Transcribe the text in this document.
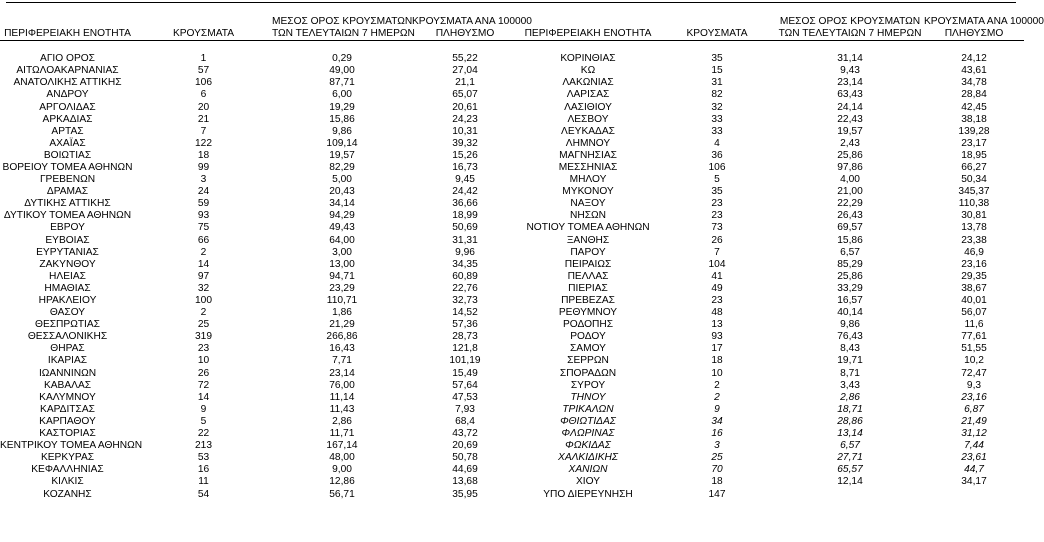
ΠΕΡΙΦΕΡΕΙΑΚΗ ΕΝΟΤΗΤΑ	ΚΡΟΥΣΜΑΤΑ	ΜΕΣΟΣ ΟΡΟΣ ΚΡΟΥΣΜΑΤΩΝ
ΤΩΝ ΤΕΛΕΥΤΑΙΩΝ 7 ΗΜΕΡΩΝ	ΚΡΟΥΣΜΑΤΑ ΑΝΑ 100000
ΠΛΗΘΥΣΜΟ	ΠΕΡΙΦΕΡΕΙΑΚΗ ΕΝΟΤΗΤΑ	ΚΡΟΥΣΜΑΤΑ	ΜΕΣΟΣ ΟΡΟΣ ΚΡΟΥΣΜΑΤΩΝ
ΤΩΝ ΤΕΛΕΥΤΑΙΩΝ 7 ΗΜΕΡΩΝ	ΚΡΟΥΣΜΑΤΑ ΑΝΑ 100000
ΠΛΗΘΥΣΜΟ

ΑΓΙΟ ΟΡΟΣ	1	0,29	55,22	ΚΟΡΙΝΘΙΑΣ	35	31,14	24,12
ΑΙΤΩΛΟΑΚΑΡΝΑΝΙΑΣ	57	49,00	27,04	ΚΩ	15	9,43	43,61
ΑΝΑΤΟΛΙΚΗΣ ΑΤΤΙΚΗΣ	106	87,71	21,1	ΛΑΚΩΝΙΑΣ	31	23,14	34,78
ΑΝΔΡΟΥ	6	6,00	65,07	ΛΑΡΙΣΑΣ	82	63,43	28,84
ΑΡΓΟΛΙΔΑΣ	20	19,29	20,61	ΛΑΣΙΘΙΟΥ	32	24,14	42,45
ΑΡΚΑΔΙΑΣ	21	15,86	24,23	ΛΕΣΒΟΥ	33	22,43	38,18
ΑΡΤΑΣ	7	9,86	10,31	ΛΕΥΚΑΔΑΣ	33	19,57	139,28
ΑΧΑΪΑΣ	122	109,14	39,32	ΛΗΜΝΟΥ	4	2,43	23,17
ΒΟΙΩΤΙΑΣ	18	19,57	15,26	ΜΑΓΝΗΣΙΑΣ	36	25,86	18,95
ΒΟΡΕΙΟΥ ΤΟΜΕΑ ΑΘΗΝΩΝ	99	82,29	16,73	ΜΕΣΣΗΝΙΑΣ	106	97,86	66,27
ΓΡΕΒΕΝΩΝ	3	5,00	9,45	ΜΗΛΟΥ	5	4,00	50,34
ΔΡΑΜΑΣ	24	20,43	24,42	ΜΥΚΟΝΟΥ	35	21,00	345,37
ΔΥΤΙΚΗΣ ΑΤΤΙΚΗΣ	59	34,14	36,66	ΝΑΞΟΥ	23	22,29	110,38
ΔΥΤΙΚΟΥ ΤΟΜΕΑ ΑΘΗΝΩΝ	93	94,29	18,99	ΝΗΣΩΝ	23	26,43	30,81
ΕΒΡΟΥ	75	49,43	50,69	ΝΟΤΙΟΥ ΤΟΜΕΑ ΑΘΗΝΩΝ	73	69,57	13,78
ΕΥΒΟΙΑΣ	66	64,00	31,31	ΞΑΝΘΗΣ	26	15,86	23,38
ΕΥΡΥΤΑΝΙΑΣ	2	3,00	9,96	ΠΑΡΟΥ	7	6,57	46,9
ΖΑΚΥΝΘΟΥ	14	13,00	34,35	ΠΕΙΡΑΙΩΣ	104	85,29	23,16
ΗΛΕΙΑΣ	97	94,71	60,89	ΠΕΛΛΑΣ	41	25,86	29,35
ΗΜΑΘΙΑΣ	32	23,29	22,76	ΠΙΕΡΙΑΣ	49	33,29	38,67
ΗΡΑΚΛΕΙΟΥ	100	110,71	32,73	ΠΡΕΒΕΖΑΣ	23	16,57	40,01
ΘΑΣΟΥ	2	1,86	14,52	ΡΕΘΥΜΝΟΥ	48	40,14	56,07
ΘΕΣΠΡΩΤΙΑΣ	25	21,29	57,36	ΡΟΔΟΠΗΣ	13	9,86	11,6
ΘΕΣΣΑΛΟΝΙΚΗΣ	319	266,86	28,73	ΡΟΔΟΥ	93	76,43	77,61
ΘΗΡΑΣ	23	16,43	121,8	ΣΑΜΟΥ	17	8,43	51,55
ΙΚΑΡΙΑΣ	10	7,71	101,19	ΣΕΡΡΩΝ	18	19,71	10,2
ΙΩΑΝΝΙΝΩΝ	26	23,14	15,49	ΣΠΟΡΑΔΩΝ	10	8,71	72,47
ΚΑΒΑΛΑΣ	72	76,00	57,64	ΣΥΡΟΥ	2	3,43	9,3
ΚΑΛΥΜΝΟΥ	14	11,14	47,53	ΤΗΝΟΥ	2	2,86	23,16
ΚΑΡΔΙΤΣΑΣ	9	11,43	7,93	ΤΡΙΚΑΛΩΝ	9	18,71	6,87
ΚΑΡΠΑΘΟΥ	5	2,86	68,4	ΦΘΙΩΤΙΔΑΣ	34	28,86	21,49
ΚΑΣΤΟΡΙΑΣ	22	11,71	43,72	ΦΛΩΡΙΝΑΣ	16	13,14	31,12
ΚΕΝΤΡΙΚΟΥ ΤΟΜΕΑ ΑΘΗΝΩΝ	213	167,14	20,69	ΦΩΚΙΔΑΣ	3	6,57	7,44
ΚΕΡΚΥΡΑΣ	53	48,00	50,78	ΧΑΛΚΙΔΙΚΗΣ	25	27,71	23,61
ΚΕΦΑΛΛΗΝΙΑΣ	16	9,00	44,69	ΧΑΝΙΩΝ	70	65,57	44,7
ΚΙΛΚΙΣ	11	12,86	13,68	ΧΙΟΥ	18	12,14	34,17
ΚΟΖΑΝΗΣ	54	56,71	35,95	ΥΠΟ ΔΙΕΡΕΥΝΗΣΗ	147		
